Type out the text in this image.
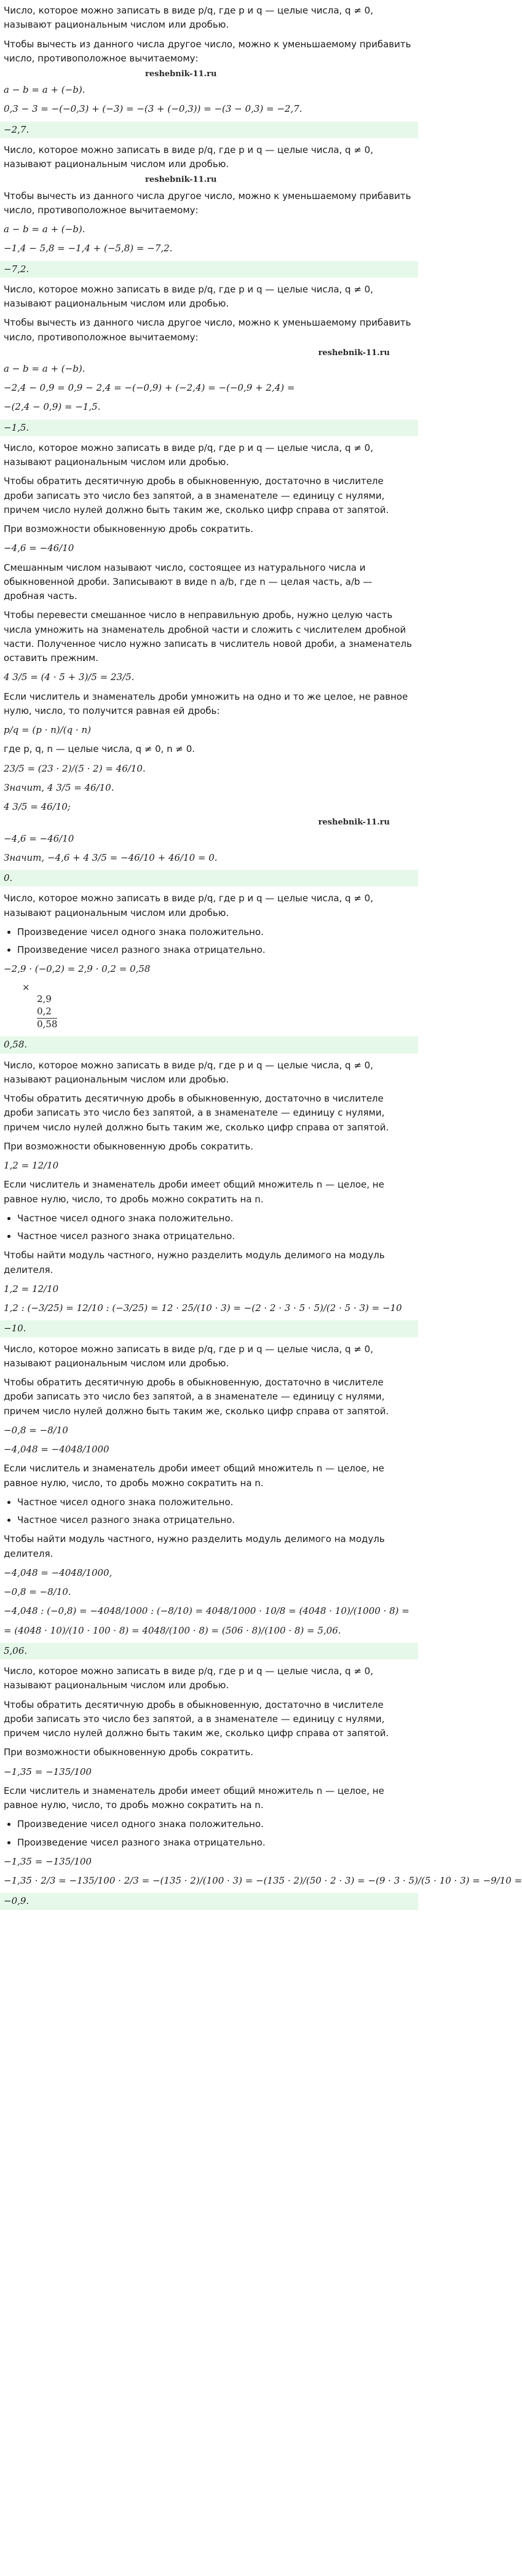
Число, которое можно записать в виде p/q, где p и q — целые числа, q ≠ 0, называют рациональным числом или дробью.
Чтобы вычесть из данного числа другое число, можно к уменьшаемому прибавить число, противоположное вычитаемому:
reshebnik-11.ru
a − b = a + (−b).
0,3 − 3 = −(−0,3) + (−3) = −(3 + (−0,3)) = −(3 − 0,3) = −2,7.
−2,7.
Число, которое можно записать в виде p/q, где p и q — целые числа, q ≠ 0, называют рациональным числом или дробью.
reshebnik-11.ru
Чтобы вычесть из данного числа другое число, можно к уменьшаемому прибавить число, противоположное вычитаемому:
a − b = a + (−b).
−1,4 − 5,8 = −1,4 + (−5,8) = −7,2.
−7,2.
Число, которое можно записать в виде p/q, где p и q — целые числа, q ≠ 0, называют рациональным числом или дробью.
Чтобы вычесть из данного числа другое число, можно к уменьшаемому прибавить число, противоположное вычитаемому:
reshebnik-11.ru
a − b = a + (−b).
−2,4 − 0,9 = 0,9 − 2,4 = −(−0,9) + (−2,4) = −(−0,9 + 2,4) =
−(2,4 − 0,9) = −1,5.
−1,5.
Число, которое можно записать в виде p/q, где p и q — целые числа, q ≠ 0, называют рациональным числом или дробью.
Чтобы обратить десятичную дробь в обыкновенную, достаточно в числителе дроби записать это число без запятой, а в знаменателе — единицу с нулями, причем число нулей должно быть таким же, сколько цифр справа от запятой.
При возможности обыкновенную дробь сократить.
−4,6 = −46/10
Смешанным числом называют число, состоящее из натурального числа и обыкновенной дроби. Записывают в виде n a/b, где n — целая часть, a/b — дробная часть.
Чтобы перевести смешанное число в неправильную дробь, нужно целую часть числа умножить на знаменатель дробной части и сложить с числителем дробной части. Полученное число нужно записать в числитель новой дроби, а знаменатель оставить прежним.
4 3/5 = (4 · 5 + 3)/5 = 23/5.
Если числитель и знаменатель дроби умножить на одно и то же целое, не равное нулю, число, то получится равная ей дробь:
p/q = (p · n)/(q · n)
где p, q, n — целые числа, q ≠ 0, n ≠ 0.
23/5 = (23 · 2)/(5 · 2) = 46/10.
Значит, 4 3/5 = 46/10.
4 3/5 = 46/10;
reshebnik-11.ru
−4,6 = −46/10
Значит, −4,6 + 4 3/5 = −46/10 + 46/10 = 0.
0.
Число, которое можно записать в виде p/q, где p и q — целые числа, q ≠ 0, называют рациональным числом или дробью.
• Произведение чисел одного знака положительно.
• Произведение чисел разного знака отрицательно.
−2,9 · (−0,2) = 2,9 · 0,2 = 0,58
×
2,9
0,2
0,58
0,58.
Число, которое можно записать в виде p/q, где p и q — целые числа, q ≠ 0, называют рациональным числом или дробью.
Чтобы обратить десятичную дробь в обыкновенную, достаточно в числителе дроби записать это число без запятой, а в знаменателе — единицу с нулями, причем число нулей должно быть таким же, сколько цифр справа от запятой.
При возможности обыкновенную дробь сократить.
1,2 = 12/10
Если числитель и знаменатель дроби имеет общий множитель n — целое, не равное нулю, число, то дробь можно сократить на n.
• Частное чисел одного знака положительно.
• Частное чисел разного знака отрицательно.
Чтобы найти модуль частного, нужно разделить модуль делимого на модуль делителя.
1,2 = 12/10
1,2 : (−3/25) = 12/10 : (−3/25) = 12 · 25/(10 · 3) = −(2 · 2 · 3 · 5 · 5)/(2 · 5 · 3) = −10
−10.
Число, которое можно записать в виде p/q, где p и q — целые числа, q ≠ 0, называют рациональным числом или дробью.
Чтобы обратить десятичную дробь в обыкновенную, достаточно в числителе дроби записать это число без запятой, а в знаменателе — единицу с нулями, причем число нулей должно быть таким же, сколько цифр справа от запятой.
−0,8 = −8/10
−4,048 = −4048/1000
Если числитель и знаменатель дроби имеет общий множитель n — целое, не равное нулю, число, то дробь можно сократить на n.
• Частное чисел одного знака положительно.
• Частное чисел разного знака отрицательно.
Чтобы найти модуль частного, нужно разделить модуль делимого на модуль делителя.
−4,048 = −4048/1000,
−0,8 = −8/10.
−4,048 : (−0,8) = −4048/1000 : (−8/10) = 4048/1000 · 10/8 = (4048 · 10)/(1000 · 8) =
= (4048 · 10)/(10 · 100 · 8) = 4048/(100 · 8) = (506 · 8)/(100 · 8) = 5,06.
5,06.
Число, которое можно записать в виде p/q, где p и q — целые числа, q ≠ 0, называют рациональным числом или дробью.
Чтобы обратить десятичную дробь в обыкновенную, достаточно в числителе дроби записать это число без запятой, а в знаменателе — единицу с нулями, причем число нулей должно быть таким же, сколько цифр справа от запятой.
При возможности обыкновенную дробь сократить.
−1,35 = −135/100
Если числитель и знаменатель дроби имеет общий множитель n — целое, не равное нулю, число, то дробь можно сократить на n.
• Произведение чисел одного знака положительно.
• Произведение чисел разного знака отрицательно.
−1,35 = −135/100
−1,35 · 2/3 = −135/100 · 2/3 = −(135 · 2)/(100 · 3) = −(135 · 2)/(50 · 2 · 3) = −(9 · 3 · 5)/(5 · 10 · 3) = −9/10 =
−0,9.
